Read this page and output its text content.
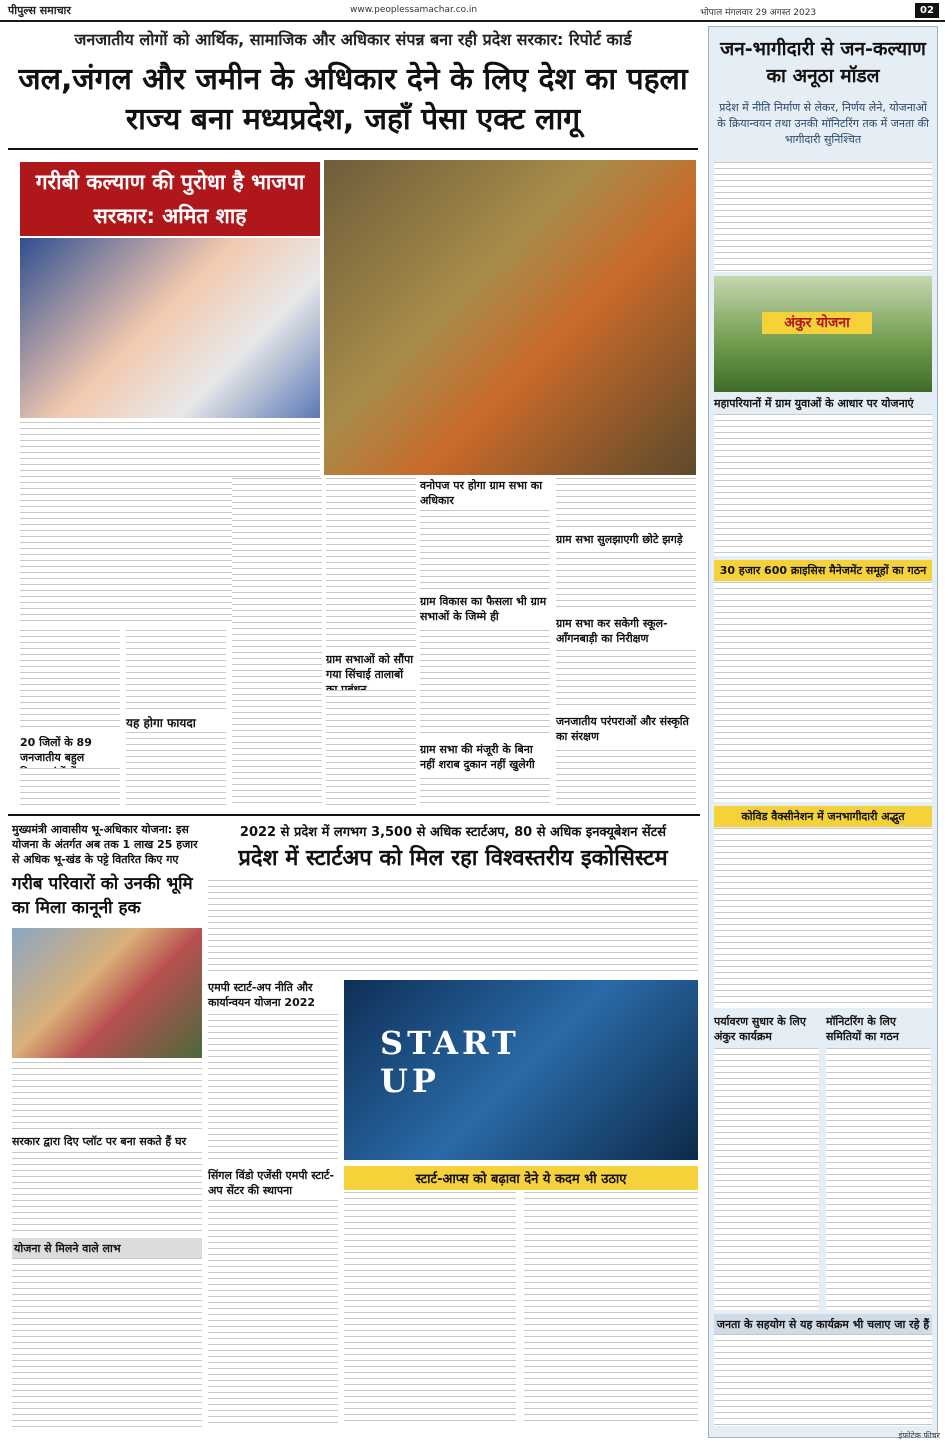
पीपुल्स समाचार	www.peoplessamachar.co.in	भोपाल मंगलवार 29 अगस्त 2023	02
जनजातीय लोगों को आर्थिक, सामाजिक और अधिकार संपन्न बना रही प्रदेश सरकार: रिपोर्ट कार्ड
जल,जंगल और जमीन के अधिकार देने के लिए देश का पहला राज्य बना मध्यप्रदेश, जहाँ पेसा एक्ट लागू
गरीबी कल्याण की पुरोधा है भाजपा सरकार: अमित शाह
20 जिलों के 89 जनजातीय बहुल
यह होगा फायदा
ग्राम सभाओं को सौंपा गया सिंचाई तालाबों
वनोपज पर होगा ग्राम सभा का अधिकार
ग्राम विकास का फैसला भी ग्राम सभाओं के जिम्मे ही
ग्राम सभा की मंजूरी के बिना नहीं शराब दुकान नहीं खुलेगी
ग्राम सभा सुलझाएगी छोटे झगड़े
ग्राम सभा कर सकेगी स्कूल-आँगनबाड़ी का निरीक्षण
जनजातीय परंपराओं और संस्कृति का संरक्षण
जन-भागीदारी से जन-कल्याण का अनूठा मॉडल
प्रदेश में नीति निर्माण से लेकर, निर्णय लेने, योजनाओं के क्रियान्वयन तथा उनकी मॉनिटरिंग तक में जनता की भागीदारी सुनिश्चित
अंकुर योजना
महापरियानों में ग्राम युवाओं के आधार पर योजनाएं
30 हजार 600 क्राइसिस मैनेजमेंट समूहों का गठन
कोविड वैक्सीनेशन में जनभागीदारी अद्भुत
पर्यावरण सुधार के लिए अंकुर कार्यक्रम
मॉनिटरिंग के लिए समितियों का गठन
जनता के सहयोग से यह कार्यक्रम भी चलाए जा रहे हैं
मुख्यमंत्री आवासीय भू-अधिकार योजना: इस योजना के अंतर्गत अब तक 1 लाख 25 हजार से अधिक भू-खंड के पट्टे वितरित किए गए
गरीब परिवारों को उनकी भूमि का मिला कानूनी हक
सरकार द्वारा दिए प्लॉट पर बना सकते हैं घर
योजना से मिलने वाले लाभ
2022 से प्रदेश में लगभग 3,500 से अधिक स्टार्टअप, 80 से अधिक इनक्यूबेशन सेंटर्स
प्रदेश में स्टार्टअप को मिल रहा विश्वस्तरीय इकोसिस्टम
एमपी स्टार्ट-अप नीति और कार्यान्वयन योजना 2022
सिंगल विंडो एजेंसी एमपी स्टार्ट-अप सेंटर की स्थापना
START UP
स्टार्ट-आप्स को बढ़ावा देने ये कदम भी उठाए
इंफ़ोटेक फीचर
